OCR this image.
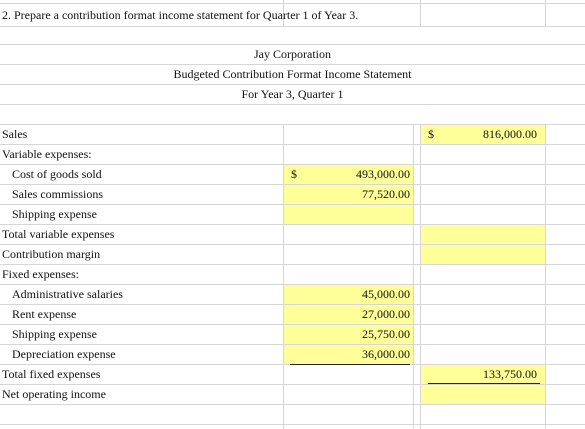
2. Prepare a contribution format income statement for Quarter 1 of Year 3.
Jay Corporation
Budgeted Contribution Format Income Statement
For Year 3, Quarter 1
Sales
Variable expenses:
Cost of goods sold
Sales commissions
Shipping expense
Total variable expenses
Contribution margin
Fixed expenses:
Administrative salaries
Rent expense
Shipping expense
Depreciation expense
Total fixed expenses
Net operating income
$
$	493,000.00
77,520.00
45,000.00
27,000.00
25,750.00
36,000.00
816,000.00
133,750.00
